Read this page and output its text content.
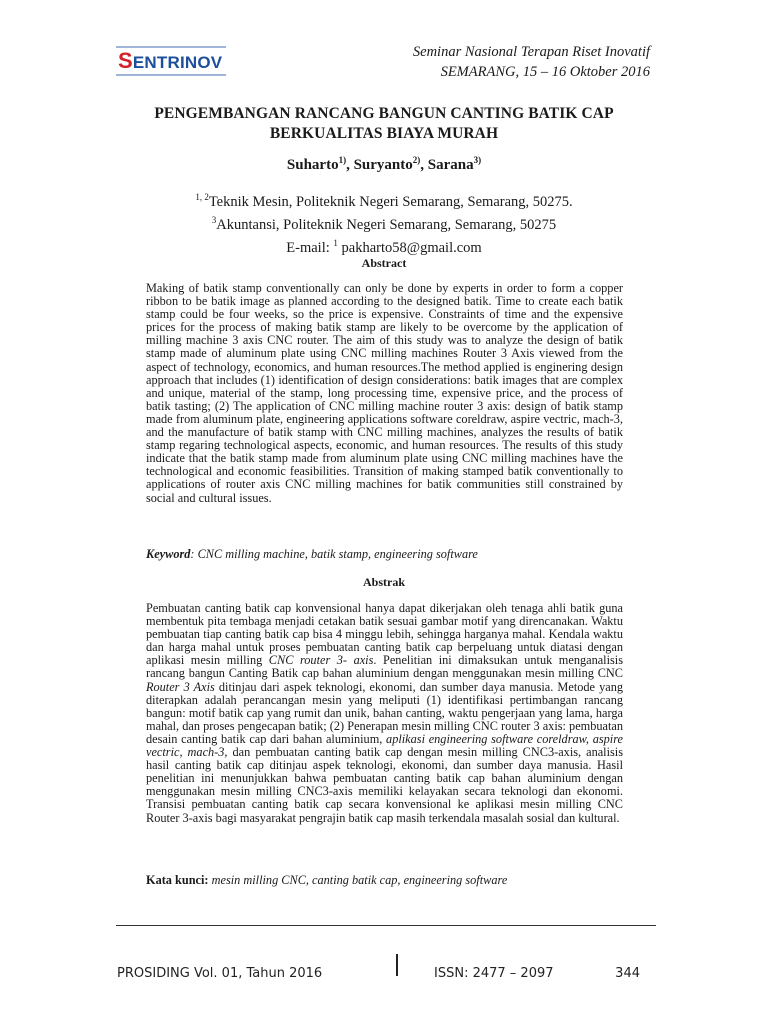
SENTRINOV
Seminar Nasional Terapan Riset Inovatif
SEMARANG, 15 – 16 Oktober 2016
PENGEMBANGAN RANCANG BANGUN CANTING BATIK CAP
BERKUALITAS BIAYA MURAH
Suharto$^{1)}$, Suryanto$^{2)}$, Sarana$^{3)}$
$^{1, 2}$Teknik Mesin, Politeknik Negeri Semarang, Semarang, 50275.
$^3$Akuntansi, Politeknik Negeri Semarang, Semarang, 50275
E-mail: $^1$ pakharto58@gmail.com
Abstract

Making of batik stamp conventionally can only be done by experts in order to form a copper ribbon to be batik image as planned according to the designed batik. Time to create each batik stamp could be four weeks, so the price is expensive. Constraints of time and the expensive prices for the process of making batik stamp are likely to be overcome by the application of milling machine 3 axis CNC router. The aim of this study was to analyze the design of batik stamp made of aluminum plate using CNC milling machines Router 3 Axis viewed from the aspect of technology, economics, and human resources.The method applied is enginering design approach that includes (1) identification of design considerations: batik images that are complex and unique, material of the stamp, long processing time, expensive price, and the process of batik tasting; (2) The application of CNC milling machine router 3 axis: design of batik stamp made from aluminum plate, engineering applications software coreldraw, aspire vectric, mach-3, and the manufacture of batik stamp with CNC milling machines, analyzes the results of batik stamp regaring technological aspects, economic, and human resources. The results of this study indicate that the batik stamp made from aluminum plate using CNC milling machines have the technological and economic feasibilities. Transition of making stamped batik conventionally to applications of router axis CNC milling machines for batik communities still constrained by social and cultural issues.

Keyword: CNC milling machine, batik stamp, engineering software

Abstrak

Pembuatan canting batik cap konvensional hanya dapat dikerjakan oleh tenaga ahli batik guna membentuk pita tembaga menjadi cetakan batik sesuai gambar motif yang direncanakan. Waktu pembuatan tiap canting batik cap bisa 4 minggu lebih, sehingga harganya mahal. Kendala waktu dan harga mahal untuk proses pembuatan canting batik cap berpeluang untuk diatasi dengan aplikasi mesin milling CNC router 3- axis. Penelitian ini dimaksukan untuk menganalisis rancang bangun Canting Batik cap bahan aluminium dengan menggunakan mesin milling CNC Router 3 Axis ditinjau dari aspek teknologi, ekonomi, dan sumber daya manusia. Metode yang diterapkan adalah perancangan mesin yang meliputi (1) identifikasi pertimbangan rancang bangun: motif batik cap yang rumit dan unik, bahan canting, waktu pengerjaan yang lama, harga mahal, dan proses pengecapan batik; (2) Penerapan mesin milling CNC router 3 axis: pembuatan desain canting batik cap dari bahan aluminium, aplikasi engineering software coreldraw, aspire vectric, mach-3, dan pembuatan canting batik cap dengan mesin milling CNC3-axis, analisis hasil canting batik cap ditinjau aspek teknologi, ekonomi, dan sumber daya manusia. Hasil penelitian ini menunjukkan bahwa pembuatan canting batik cap bahan aluminium dengan menggunakan mesin milling CNC3-axis memiliki kelayakan secara teknologi dan ekonomi. Transisi pembuatan canting batik cap secara konvensional ke aplikasi mesin milling CNC Router 3-axis bagi masyarakat pengrajin batik cap masih terkendala masalah sosial dan kultural.

Kata kunci: mesin milling CNC, canting batik cap, engineering software

PROSIDING Vol. 01, Tahun 2016	ISSN: 2477 – 2097	344
